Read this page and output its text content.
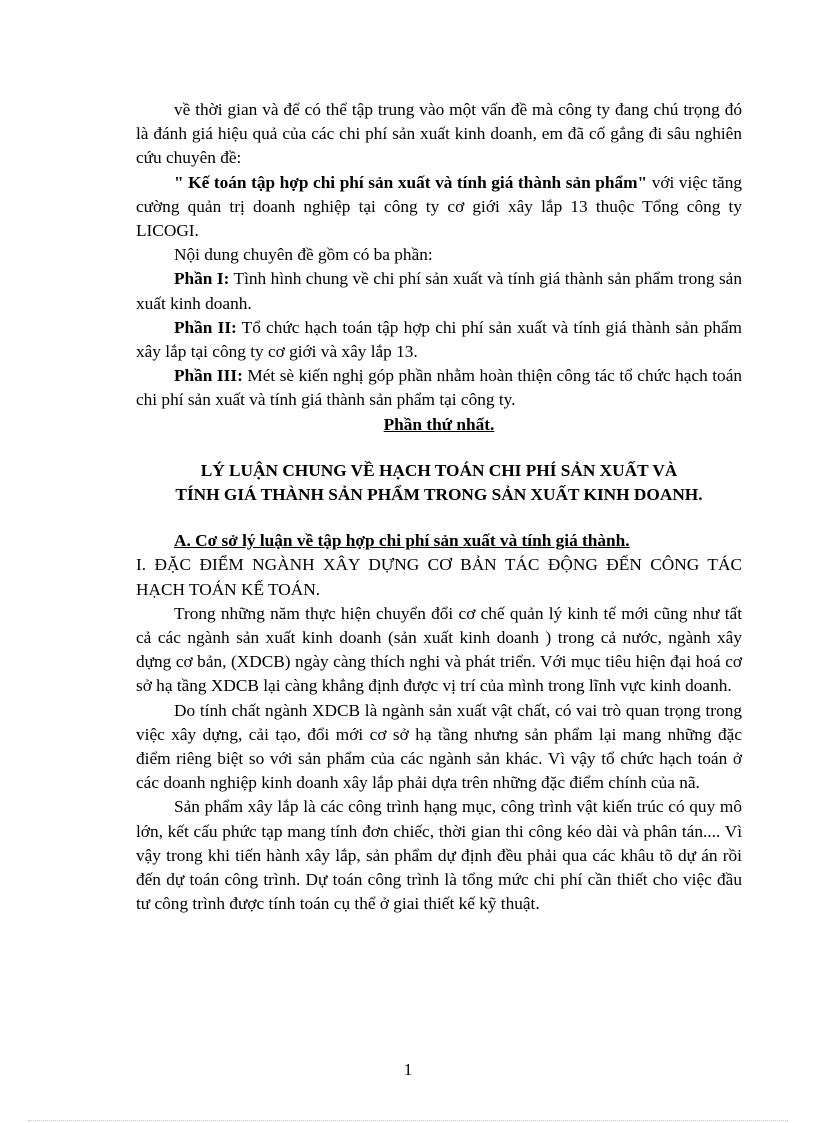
về thời gian và để có thể tập trung vào một vấn đề mà công ty đang chú trọng đó là đánh giá hiệu quả của các chi phí sản xuất kinh doanh, em đã cố gắng đi sâu nghiên cứu chuyên đề:

" Kế toán tập hợp chi phí sản xuất và tính giá thành sản phẩm" với việc tăng cường quản trị doanh nghiệp tại công ty cơ giới xây lắp 13 thuộc Tổng công ty LICOGI.

Nội dung chuyên đề gồm có ba phần:

Phần I: Tình hình chung về chi phí sản xuất và tính giá thành sản phẩm trong sản xuất kinh doanh.

Phần II: Tổ chức hạch toán tập hợp chi phí sản xuất và tính giá thành sản phẩm xây lắp tại công ty cơ giới và xây lắp 13.

Phần III: Mét sè kiến nghị góp phần nhằm hoàn thiện công tác tổ chức hạch toán chi phí sản xuất và tính giá thành sản phẩm tại công ty.

Phần thứ nhất.

LÝ LUẬN CHUNG VỀ HẠCH TOÁN CHI PHÍ SẢN XUẤT VÀ
TÍNH GIÁ THÀNH SẢN PHẨM TRONG SẢN XUẤT KINH DOANH.

A. Cơ sở lý luận về tập hợp chi phí sản xuất và tính giá thành.

I. ĐẶC ĐIỂM NGÀNH XÂY DỰNG CƠ BẢN TÁC ĐỘNG ĐẾN CÔNG TÁC HẠCH TOÁN KẾ TOÁN.

Trong những năm thực hiện chuyển đổi cơ chế quản lý kinh tế mới cũng như tất cả các ngành sản xuất kinh doanh (sản xuất kinh doanh ) trong cả nước, ngành xây dựng cơ bản, (XDCB) ngày càng thích nghi và phát triển. Với mục tiêu hiện đại hoá cơ sở hạ tầng XDCB lại càng khẳng định được vị trí của mình trong lĩnh vực kinh doanh.

Do tính chất ngành XDCB là ngành sản xuất vật chất, có vai trò quan trọng trong việc xây dựng, cải tạo, đổi mới cơ sở hạ tầng nhưng sản phẩm lại mang những đặc điểm riêng biệt so với sản phẩm của các ngành sản khác. Vì vậy tổ chức hạch toán ở các doanh nghiệp kinh doanh xây lắp phải dựa trên những đặc điểm chính của nã.

Sản phẩm xây lắp là các công trình hạng mục, công trình vật kiến trúc có quy mô lớn, kết cấu phức tạp mang tính đơn chiếc, thời gian thi công kéo dài và phân tán.... Vì vậy trong khi tiến hành xây lắp, sản phẩm dự định đều phải qua các khâu tõ dự án rồi đến dự toán công trình. Dự toán công trình là tổng mức chi phí cần thiết cho việc đầu tư công trình được tính toán cụ thể ở giai thiết kế kỹ thuật.

1
